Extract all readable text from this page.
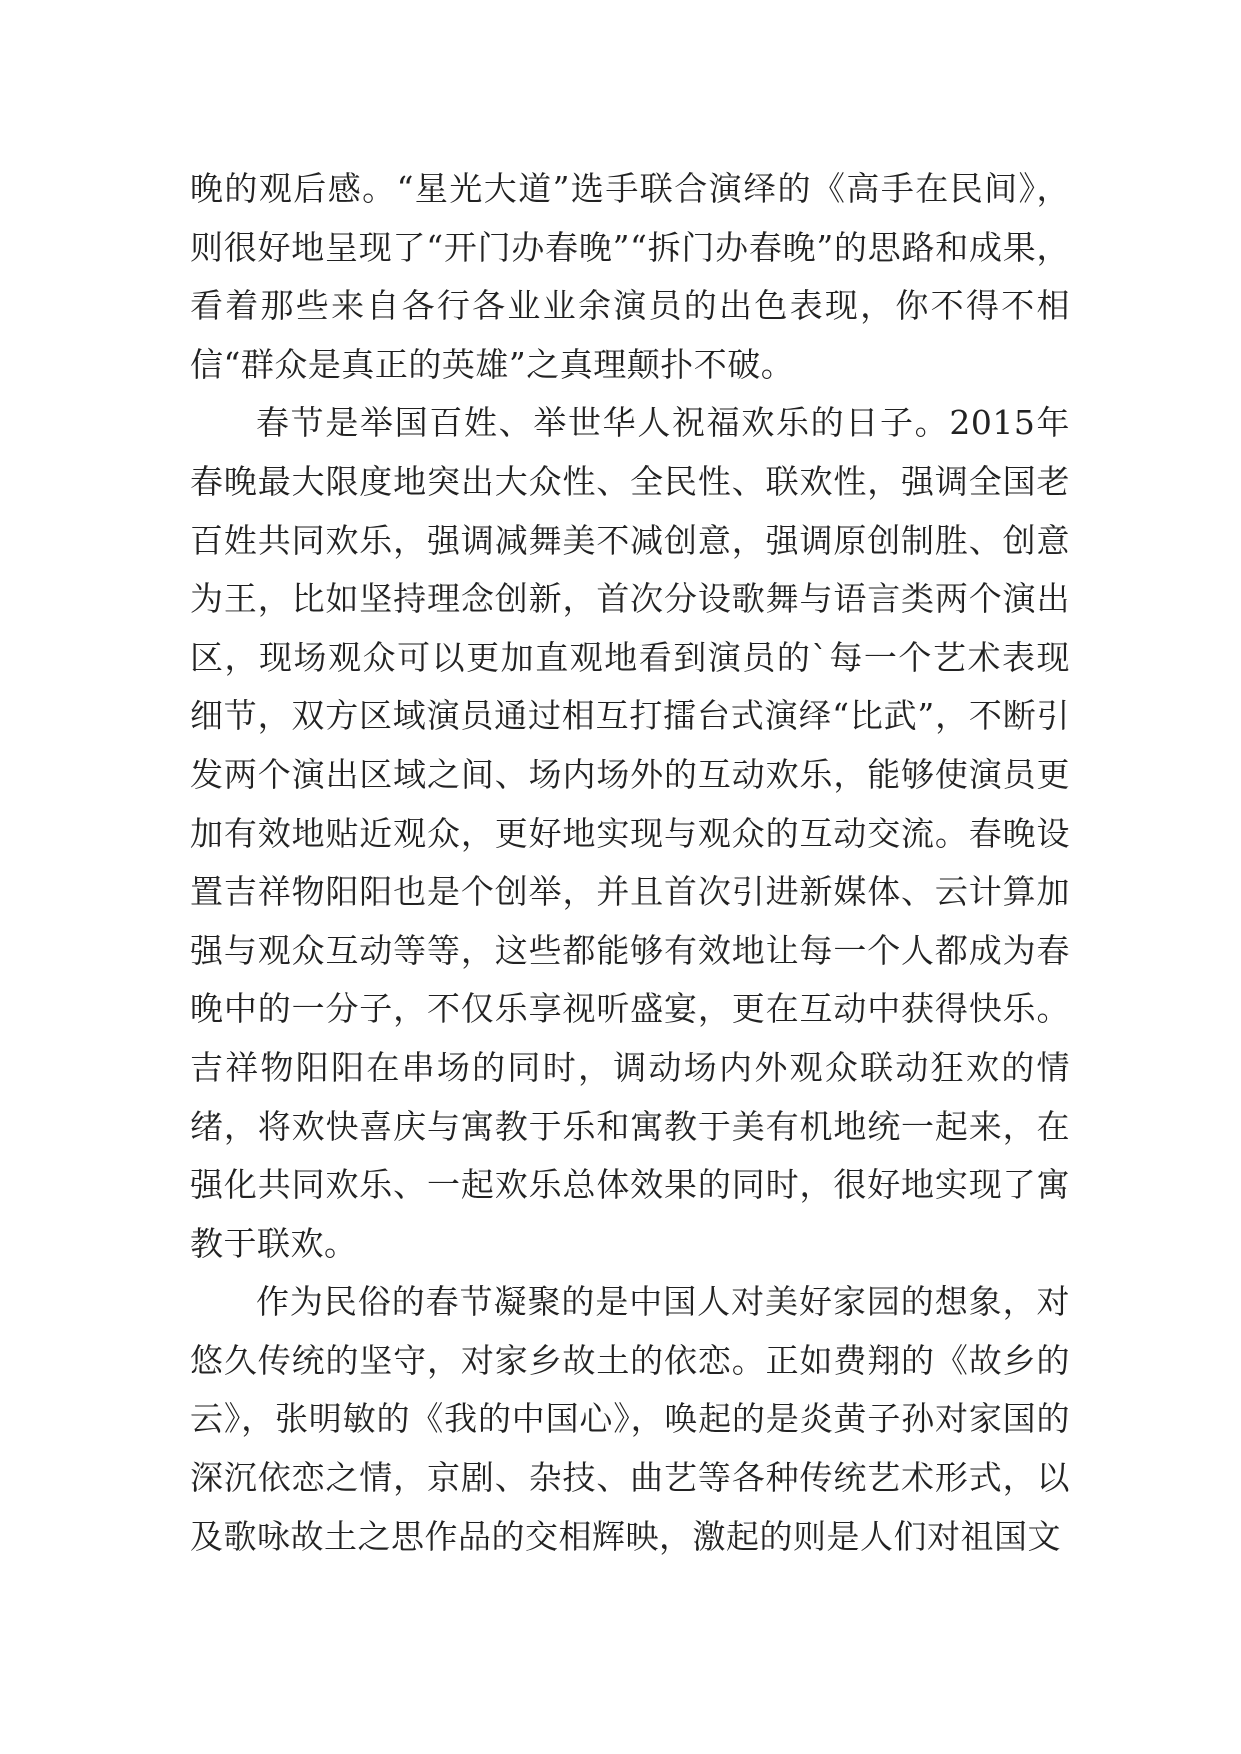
晚的观后感。“星光大道”选手联合演绎的《高手在民间》，则很好地呈现了“开门办春晚”“拆门办春晚”的思路和成果，看着那些来自各行各业业余演员的出色表现，你不得不相信“群众是真正的英雄”之真理颠扑不破。

春节是举国百姓、举世华人祝福欢乐的日子。2015年春晚最大限度地突出大众性、全民性、联欢性，强调全国老百姓共同欢乐，强调减舞美不减创意，强调原创制胜、创意为王，比如坚持理念创新，首次分设歌舞与语言类两个演出区，现场观众可以更加直观地看到演员的`每一个艺术表现细节，双方区域演员通过相互打擂台式演绎“比武”，不断引发两个演出区域之间、场内场外的互动欢乐，能够使演员更加有效地贴近观众，更好地实现与观众的互动交流。春晚设置吉祥物阳阳也是个创举，并且首次引进新媒体、云计算加强与观众互动等等，这些都能够有效地让每一个人都成为春晚中的一分子，不仅乐享视听盛宴，更在互动中获得快乐。吉祥物阳阳在串场的同时，调动场内外观众联动狂欢的情绪，将欢快喜庆与寓教于乐和寓教于美有机地统一起来，在强化共同欢乐、一起欢乐总体效果的同时，很好地实现了寓教于联欢。

作为民俗的春节凝聚的是中国人对美好家园的想象，对悠久传统的坚守，对家乡故土的依恋。正如费翔的《故乡的云》，张明敏的《我的中国心》，唤起的是炎黄子孙对家国的深沉依恋之情，京剧、杂技、曲艺等各种传统艺术形式，以及歌咏故土之思作品的交相辉映，激起的则是人们对祖国文
